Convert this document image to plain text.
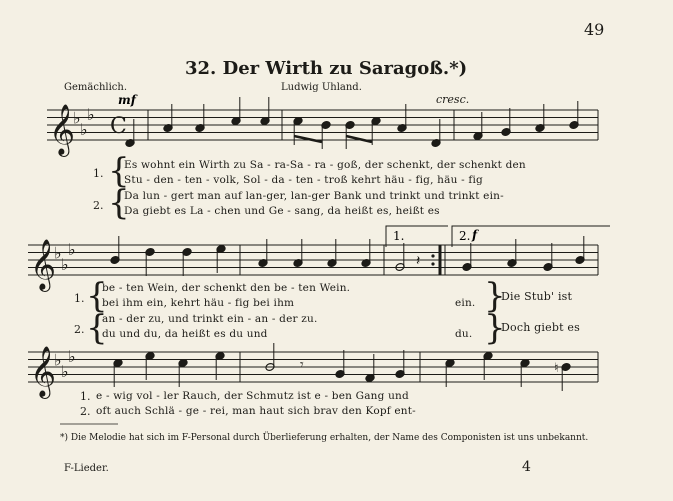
𝄞
♭
♭
♭ C
𝄞
♭
♭
♭
𝄽
𝄞
♭
♭
♭	𝄾	♮
mf
f
1.	2.
49
32. Der Wirth zu Saragoß.*)
Gemächlich.	Ludwig Uhland.
cresc.
1.
2.
{
{
Es wohnt ein Wirth zu Sa - ra-Sa - ra - goß, der schenkt, der schenkt den
Stu - den - ten - volk, Sol - da - ten - troß kehrt häu - fig, häu - fig
Da lun - gert man auf lan-ger, lan-ger Bank und trinkt und trinkt ein-
Da giebt es La - chen und Ge - sang, da heißt es, heißt es
1.
2.
{
{
be - ten Wein, der schenkt den be - ten Wein.
bei ihm ein, kehrt häu - fig bei ihm
an - der zu, und trinkt ein - an - der zu.
du und du, da heißt es du und
ein.
du.
}
}
Die Stub' ist
Doch giebt es
1.
2.
e - wig vol - ler Rauch, der Schmutz ist e - ben Gang und
oft auch Schlä - ge - rei, man haut sich brav den Kopf ent-
*) Die Melodie hat sich im F-Personal durch Überlieferung erhalten, der Name des Componisten ist uns unbekannt.
F-Lieder.	4
